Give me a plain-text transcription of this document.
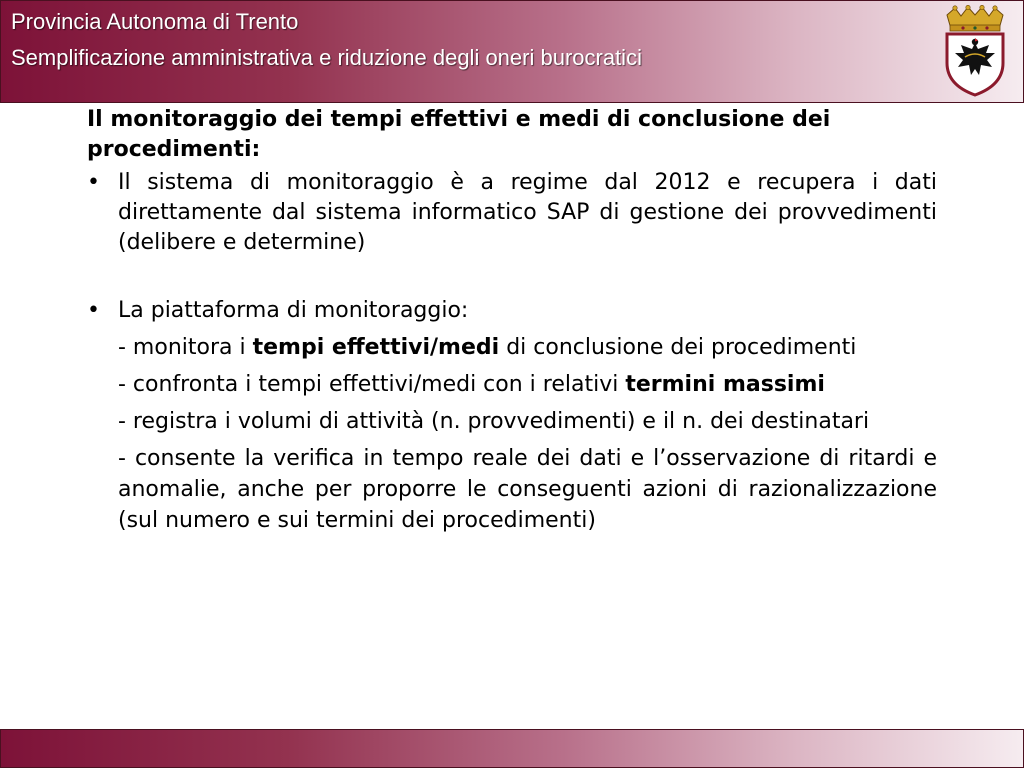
Provincia Autonoma di Trento

Semplificazione amministrativa e riduzione degli oneri burocratici

Il monitoraggio dei tempi effettivi e medi di conclusione dei procedimenti:

• Il sistema di monitoraggio è a regime dal 2012 e recupera i dati direttamente dal sistema informatico SAP di gestione dei provvedimenti (delibere e determine)

• La piattaforma di monitoraggio:

- monitora i tempi effettivi/medi di conclusione dei procedimenti

- confronta i tempi effettivi/medi con i relativi termini massimi

- registra i volumi di attività (n. provvedimenti) e il n. dei destinatari

- consente la verifica in tempo reale dei dati e l’osservazione di ritardi e anomalie, anche per proporre le conseguenti azioni di razionalizzazione (sul numero e sui termini dei procedimenti)
